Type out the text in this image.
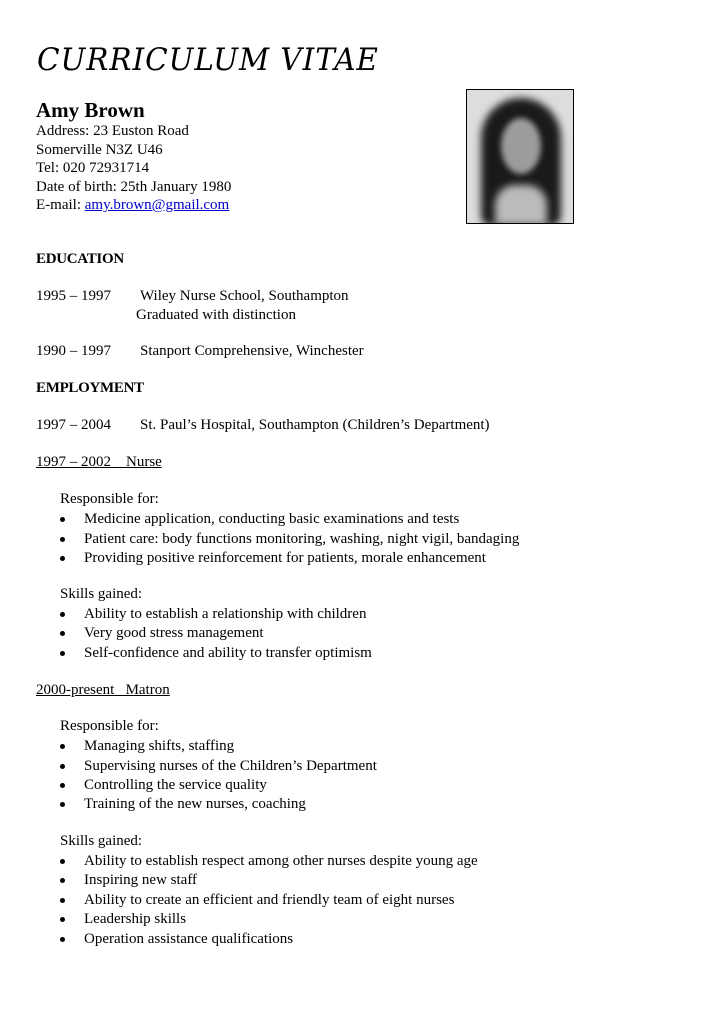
CURRICULUM VITAE
Amy Brown
Address: 23 Euston Road
Somerville N3Z U46
Tel: 020 72931714
Date of birth: 25th January 1980
E-mail: amy.brown@gmail.com
EDUCATION
1995 – 1997 Wiley Nurse School, Southampton
Graduated with distinction
1990 – 1997 Stanport Comprehensive, Winchester
EMPLOYMENT
1997 – 2004 St. Paul’s Hospital, Southampton (Children’s Department)
1997 – 2002 Nurse
Responsible for:
Medicine application, conducting basic examinations and tests
Patient care: body functions monitoring, washing, night vigil, bandaging
Providing positive reinforcement for patients, morale enhancement
Skills gained:
Ability to establish a relationship with children
Very good stress management
Self-confidence and ability to transfer optimism
2000-present Matron
Responsible for:
Managing shifts, staffing
Supervising nurses of the Children’s Department
Controlling the service quality
Training of the new nurses, coaching
Skills gained:
Ability to establish respect among other nurses despite young age
Inspiring new staff
Ability to create an efficient and friendly team of eight nurses
Leadership skills
Operation assistance qualifications
